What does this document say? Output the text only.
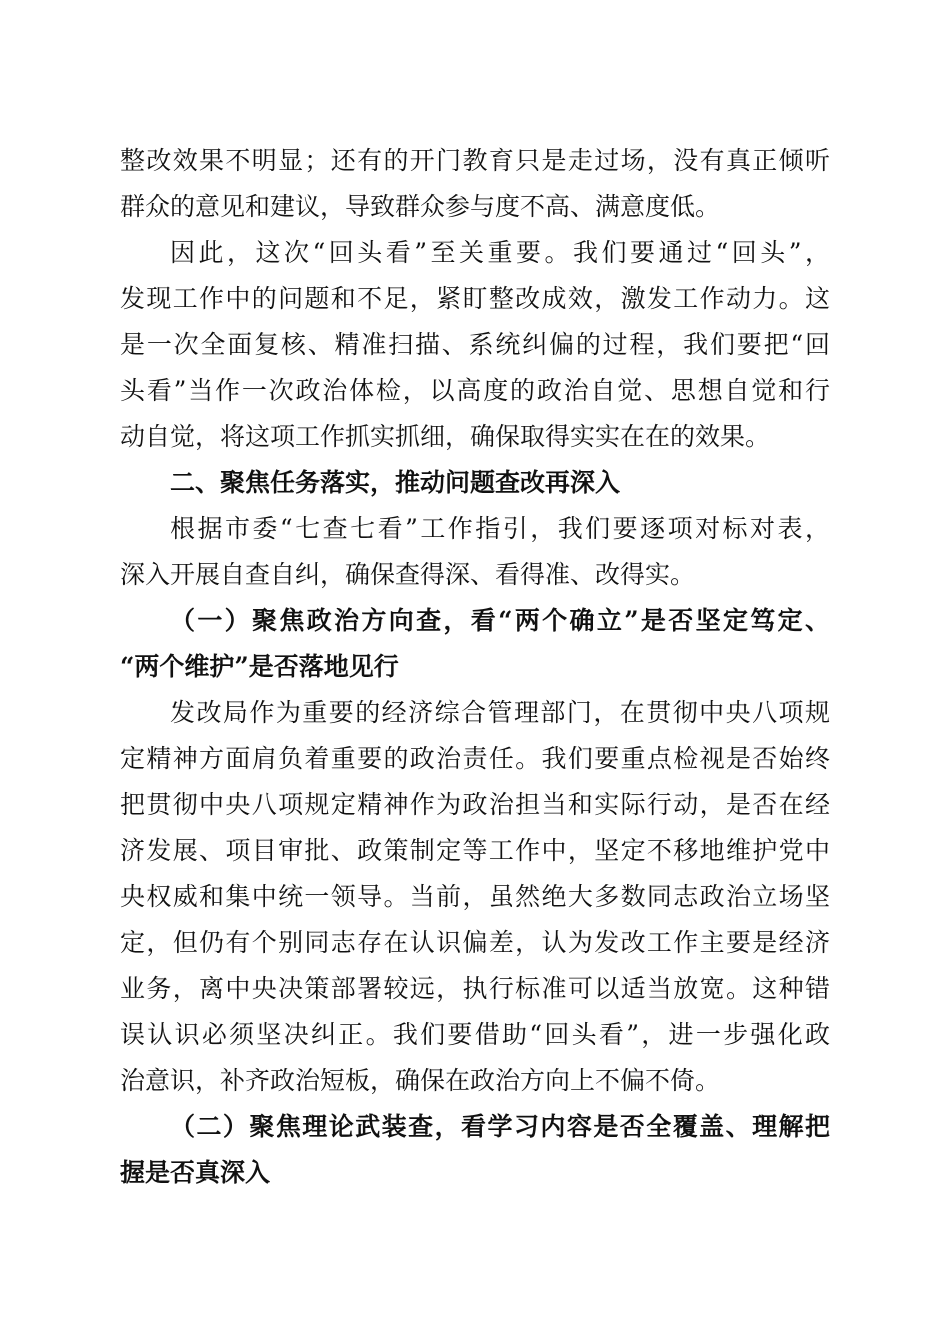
整改效果不明显；还有的开门教育只是走过场，没有真正倾听
群众的意见和建议，导致群众参与度不高、满意度低。
因此，这次“回头看”至关重要。我们要通过“回头”，
发现工作中的问题和不足，紧盯整改成效，激发工作动力。这
是一次全面复核、精准扫描、系统纠偏的过程，我们要把“回
头看”当作一次政治体检，以高度的政治自觉、思想自觉和行
动自觉，将这项工作抓实抓细，确保取得实实在在的效果。
二、聚焦任务落实，推动问题查改再深入
根据市委“七查七看”工作指引，我们要逐项对标对表，
深入开展自查自纠，确保查得深、看得准、改得实。
（一）聚焦政治方向查，看“两个确立”是否坚定笃定、
“两个维护”是否落地见行
发改局作为重要的经济综合管理部门，在贯彻中央八项规
定精神方面肩负着重要的政治责任。我们要重点检视是否始终
把贯彻中央八项规定精神作为政治担当和实际行动，是否在经
济发展、项目审批、政策制定等工作中，坚定不移地维护党中
央权威和集中统一领导。当前，虽然绝大多数同志政治立场坚
定，但仍有个别同志存在认识偏差，认为发改工作主要是经济
业务，离中央决策部署较远，执行标准可以适当放宽。这种错
误认识必须坚决纠正。我们要借助“回头看”，进一步强化政
治意识，补齐政治短板，确保在政治方向上不偏不倚。
（二）聚焦理论武装查，看学习内容是否全覆盖、理解把
握是否真深入
